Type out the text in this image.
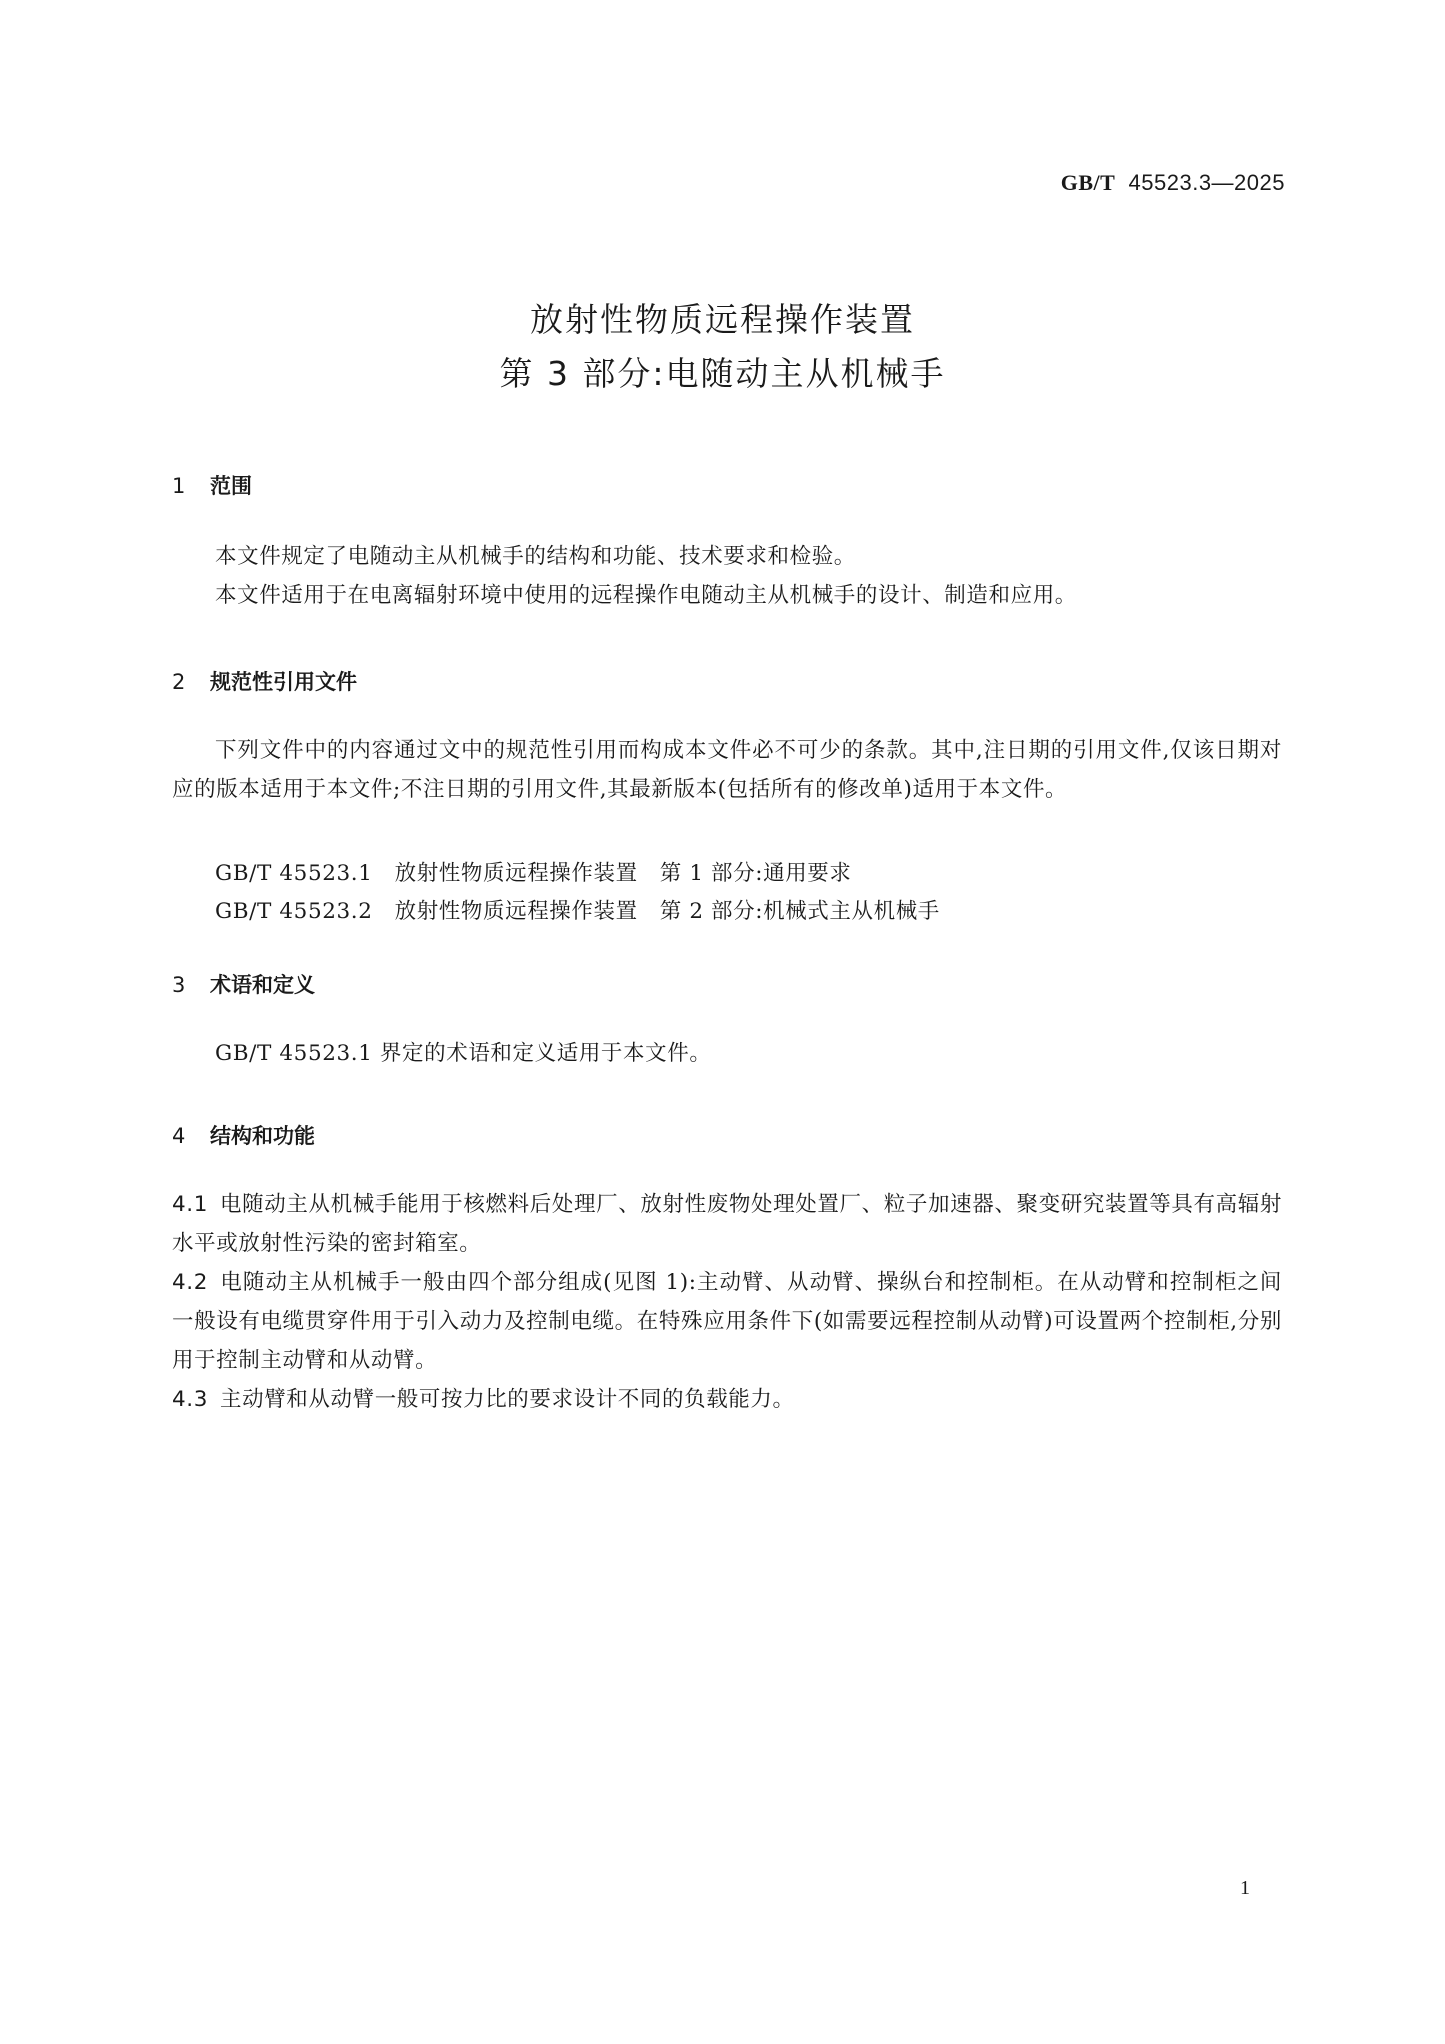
GB/T 45523.3—2025
放射性物质远程操作装置
第 3 部分:电随动主从机械手
1 范围
本文件规定了电随动主从机械手的结构和功能、技术要求和检验。
本文件适用于在电离辐射环境中使用的远程操作电随动主从机械手的设计、制造和应用。
2 规范性引用文件
下列文件中的内容通过文中的规范性引用而构成本文件必不可少的条款。其中,注日期的引用文件,仅该日期对应的版本适用于本文件;不注日期的引用文件,其最新版本(包括所有的修改单)适用于本文件。
GB/T 45523.1　放射性物质远程操作装置　第 1 部分:通用要求
GB/T 45523.2　放射性物质远程操作装置　第 2 部分:机械式主从机械手
3 术语和定义
GB/T 45523.1 界定的术语和定义适用于本文件。
4 结构和功能
4.1 电随动主从机械手能用于核燃料后处理厂、放射性废物处理处置厂、粒子加速器、聚变研究装置等具有高辐射水平或放射性污染的密封箱室。
4.2 电随动主从机械手一般由四个部分组成(见图 1):主动臂、从动臂、操纵台和控制柜。在从动臂和控制柜之间一般设有电缆贯穿件用于引入动力及控制电缆。在特殊应用条件下(如需要远程控制从动臂)可设置两个控制柜,分别用于控制主动臂和从动臂。
4.3 主动臂和从动臂一般可按力比的要求设计不同的负载能力。
1
